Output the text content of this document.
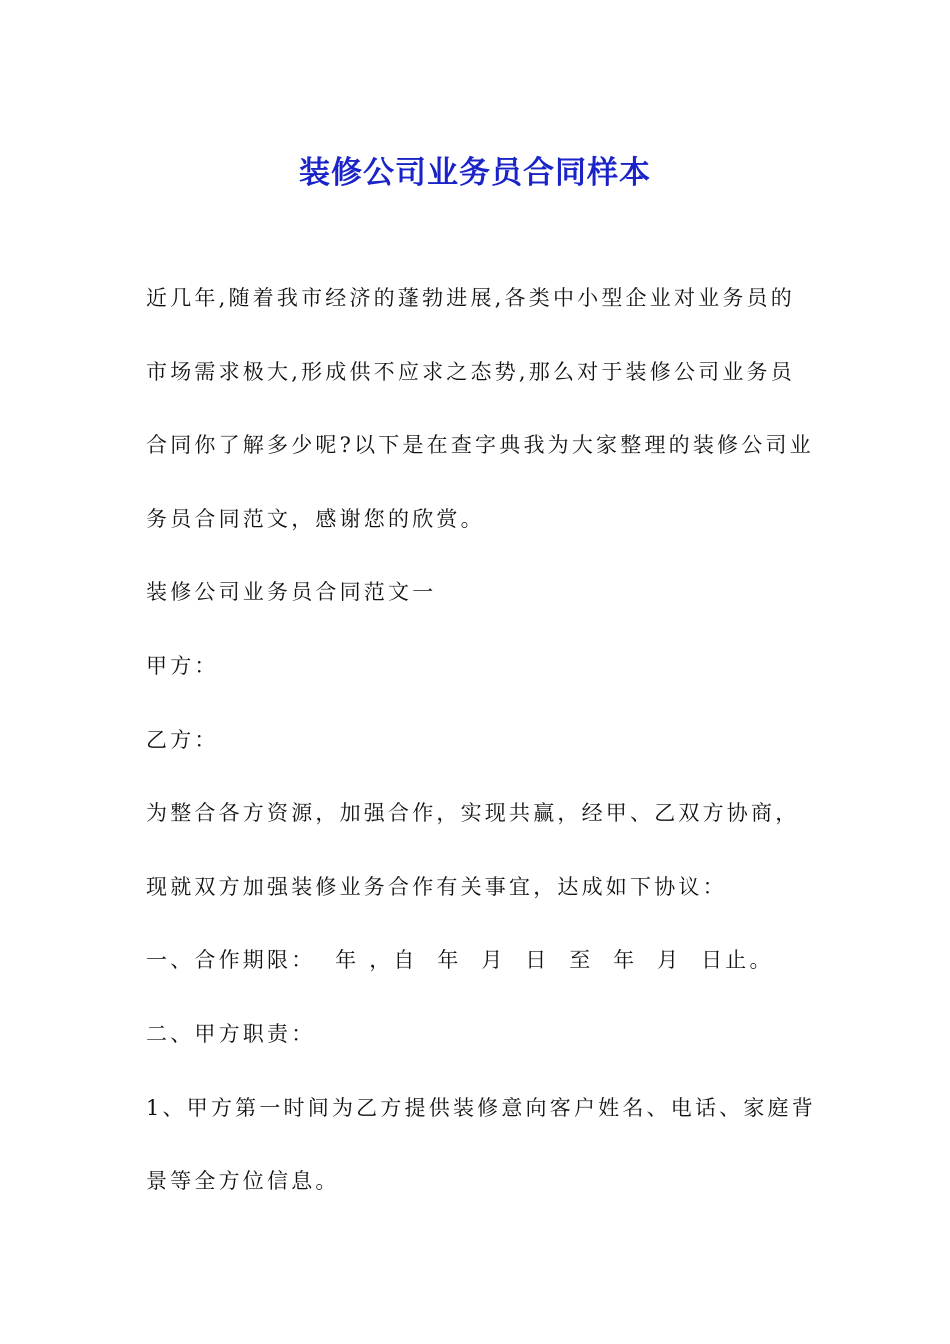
装修公司业务员合同样本

近几年,随着我市经济的蓬勃进展,各类中小型企业对业务员的

市场需求极大,形成供不应求之态势,那么对于装修公司业务员

合同你了解多少呢?以下是在查字典我为大家整理的装修公司业

务员合同范文，感谢您的欣赏。

装修公司业务员合同范文一

甲方：

乙方：

为整合各方资源，加强合作，实现共赢，经甲、乙双方协商，

现就双方加强装修业务合作有关事宜，达成如下协议：

一、合作期限：  年 ，自  年  月  日  至  年  月  日止。

二、甲方职责：

1、甲方第一时间为乙方提供装修意向客户姓名、电话、家庭背

景等全方位信息。
